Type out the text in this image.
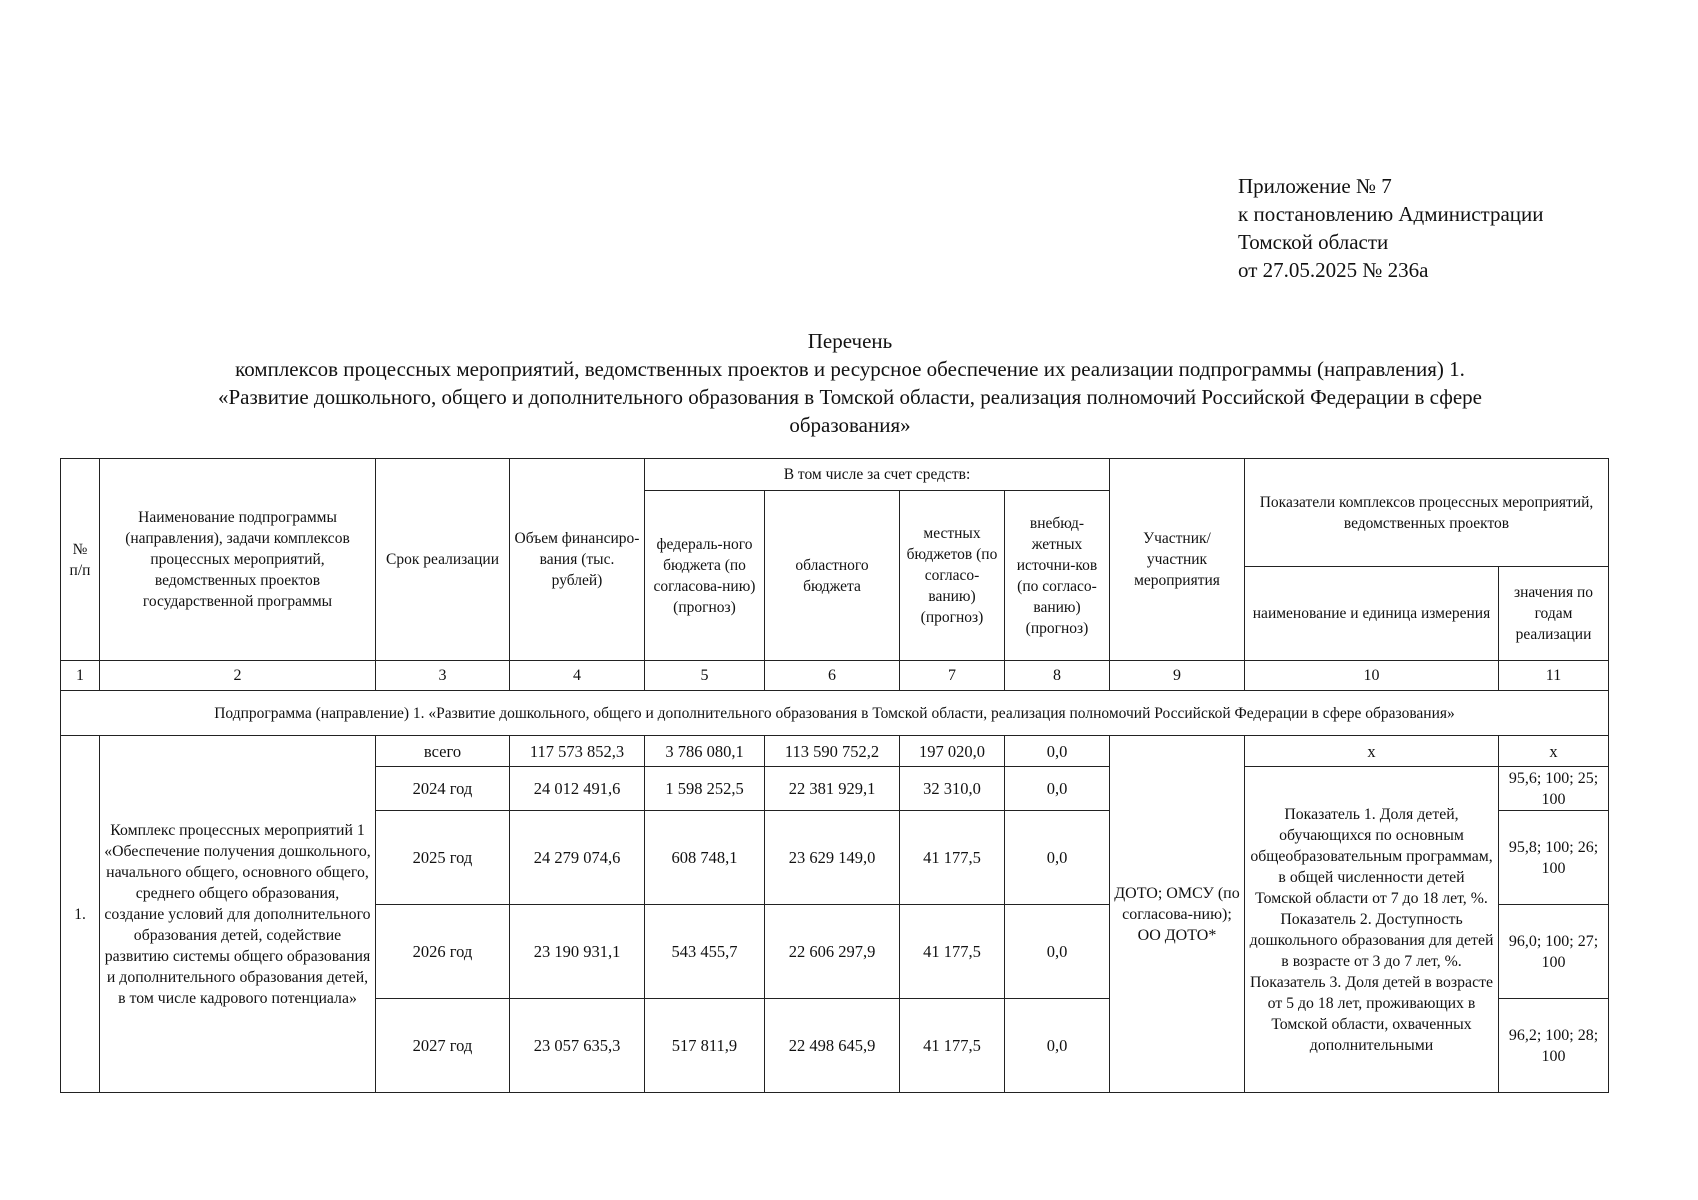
Приложение № 7
к постановлению Администрации
Томской области
от 27.05.2025 № 236а
Перечень
комплексов процессных мероприятий, ведомственных проектов и ресурсное обеспечение их реализации подпрограммы (направления) 1.
«Развитие дошкольного, общего и дополнительного образования в Томской области, реализация полномочий Российской Федерации в сфере
образования»
№ п/п	Наименование подпрограммы (направления), задачи комплексов процессных мероприятий, ведомственных проектов государственной программы	Срок реализации	Объем финансиро-вания (тыс. рублей)	В том числе за счет средств:				Участник/ участник мероприятия	Показатели комплексов процессных мероприятий, ведомственных проектов	
				федераль-ного бюджета (по согласова-нию) (прогноз)	областного бюджета	местных бюджетов (по согласо-ванию) (прогноз)	внебюд-жетных источни-ков (по согласо-ванию) (прогноз)			
									наименование и единица измерения	значения по годам реализации
1	2	3	4	5	6	7	8	9	10	11
Подпрограмма (направление) 1. «Развитие дошкольного, общего и дополнительного образования в Томской области, реализация полномочий Российской Федерации в сфере образования»										
1.	Комплекс процессных мероприятий 1 «Обеспечение получения дошкольного, начального общего, основного общего, среднего общего образования, создание условий для дополнительного образования детей, содействие развитию системы общего образования и дополнительного образования детей, в том числе кадрового потенциала»	всего	117 573 852,3	3 786 080,1	113 590 752,2	197 020,0	0,0	ДОТО; ОМСУ (по согласова-нию); ОО ДОТО*	х	х
		2024 год	24 012 491,6	1 598 252,5	22 381 929,1	32 310,0	0,0		Показатель 1. Доля детей, обучающихся по основным общеобразовательным программам, в общей численности детей Томской области от 7 до 18 лет, %. Показатель 2. Доступность дошкольного образования для детей в возрасте от 3 до 7 лет, %. Показатель 3. Доля детей в возрасте от 5 до 18 лет, проживающих в Томской области, охваченных дополнительными	95,6; 100; 25; 100
		2025 год	24 279 074,6	608 748,1	23 629 149,0	41 177,5	0,0			95,8; 100; 26; 100
		2026 год	23 190 931,1	543 455,7	22 606 297,9	41 177,5	0,0			96,0; 100; 27; 100
		2027 год	23 057 635,3	517 811,9	22 498 645,9	41 177,5	0,0			96,2; 100; 28; 100
